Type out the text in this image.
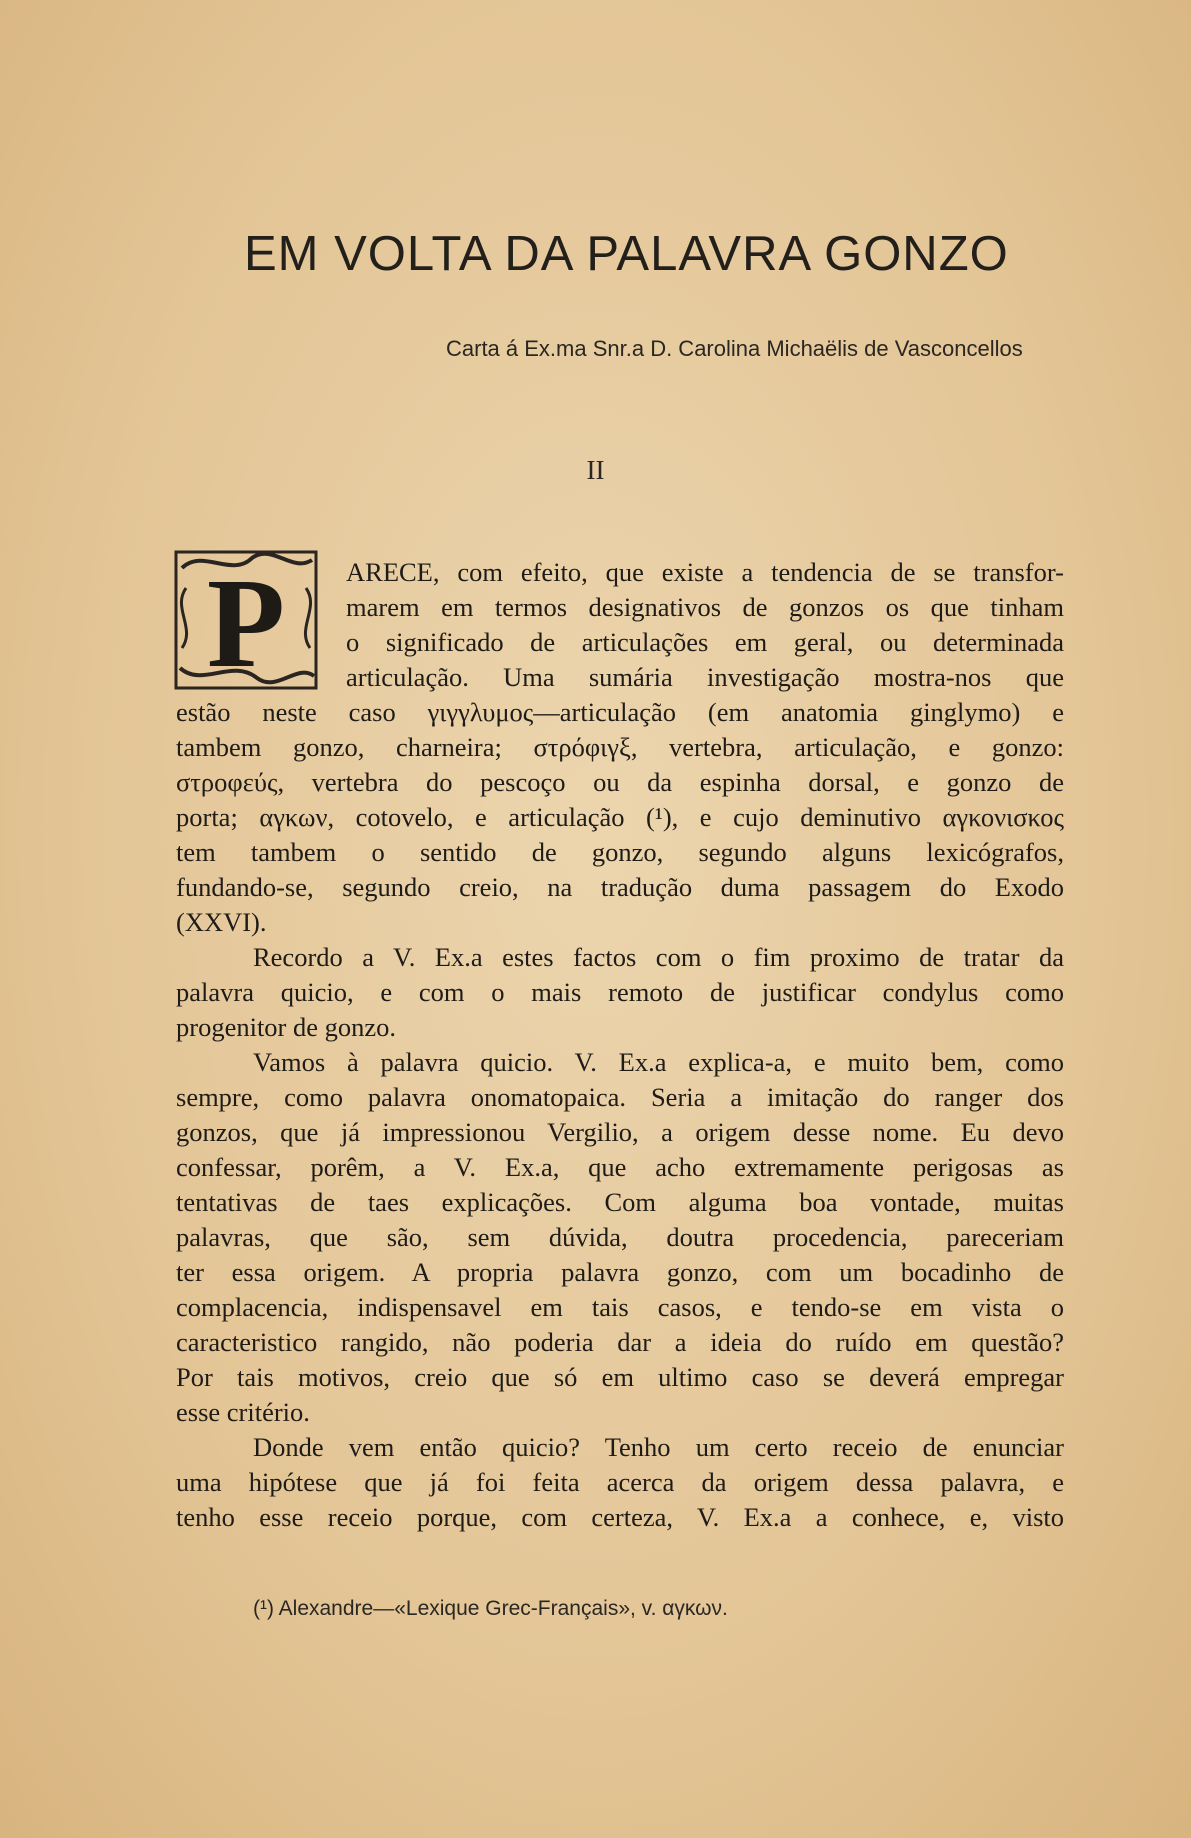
EM VOLTA DA PALAVRA GONZO
Carta á Ex.ma Snr.a D. Carolina Michaëlis de Vasconcellos
II
P	ARECE, com efeito, que existe a tendencia de se transfor-
marem em termos designativos de gonzos os que tinham
o significado de articulações em geral, ou determinada
articulação. Uma sumária investigação mostra-nos que
estão neste caso γιγγλυμος—articulação (em anatomia ginglymo) e
tambem gonzo, charneira; στρόφιγξ, vertebra, articulação, e gonzo:
στροφεύς, vertebra do pescoço ou da espinha dorsal, e gonzo de
porta; αγκων, cotovelo, e articulação (¹), e cujo deminutivo αγκονισκος
tem tambem o sentido de gonzo, segundo alguns lexicógrafos,
fundando-se, segundo creio, na tradução duma passagem do Exodo
(XXVI).
Recordo a V. Ex.a estes factos com o fim proximo de tratar da
palavra quicio, e com o mais remoto de justificar condylus como
progenitor de gonzo.
Vamos à palavra quicio. V. Ex.a explica-a, e muito bem, como
sempre, como palavra onomatopaica. Seria a imitação do ranger dos
gonzos, que já impressionou Vergilio, a origem desse nome. Eu devo
confessar, porêm, a V. Ex.a, que acho extremamente perigosas as
tentativas de taes explicações. Com alguma boa vontade, muitas
palavras, que são, sem dúvida, doutra procedencia, pareceriam
ter essa origem. A propria palavra gonzo, com um bocadinho de
complacencia, indispensavel em tais casos, e tendo-se em vista o
caracteristico rangido, não poderia dar a ideia do ruído em questão?
Por tais motivos, creio que só em ultimo caso se deverá empregar
esse critério.
Donde vem então quicio? Tenho um certo receio de enunciar
uma hipótese que já foi feita acerca da origem dessa palavra, e
tenho esse receio porque, com certeza, V. Ex.a a conhece, e, visto
(¹) Alexandre—«Lexique Grec-Français», v. αγκων.
